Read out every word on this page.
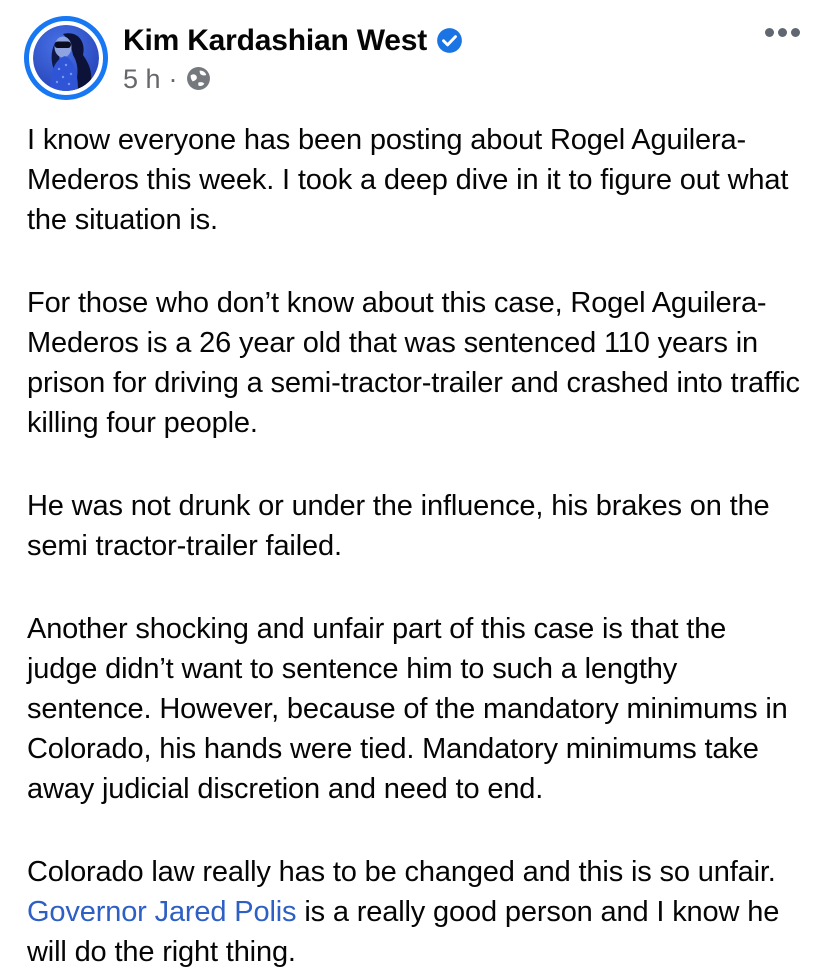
Kim Kardashian West
5 h ·

I know everyone has been posting about Rogel Aguilera-Mederos this week. I took a deep dive in it to figure out what the situation is.

For those who don’t know about this case, Rogel Aguilera-Mederos is a 26 year old that was sentenced 110 years in prison for driving a semi-tractor-trailer and crashed into traffic killing four people.

He was not drunk or under the influence, his brakes on the semi tractor-trailer failed.

Another shocking and unfair part of this case is that the judge didn’t want to sentence him to such a lengthy sentence. However, because of the mandatory minimums in Colorado, his hands were tied. Mandatory minimums take away judicial discretion and need to end.

Colorado law really has to be changed and this is so unfair. Governor Jared Polis is a really good person and I know he will do the right thing.
